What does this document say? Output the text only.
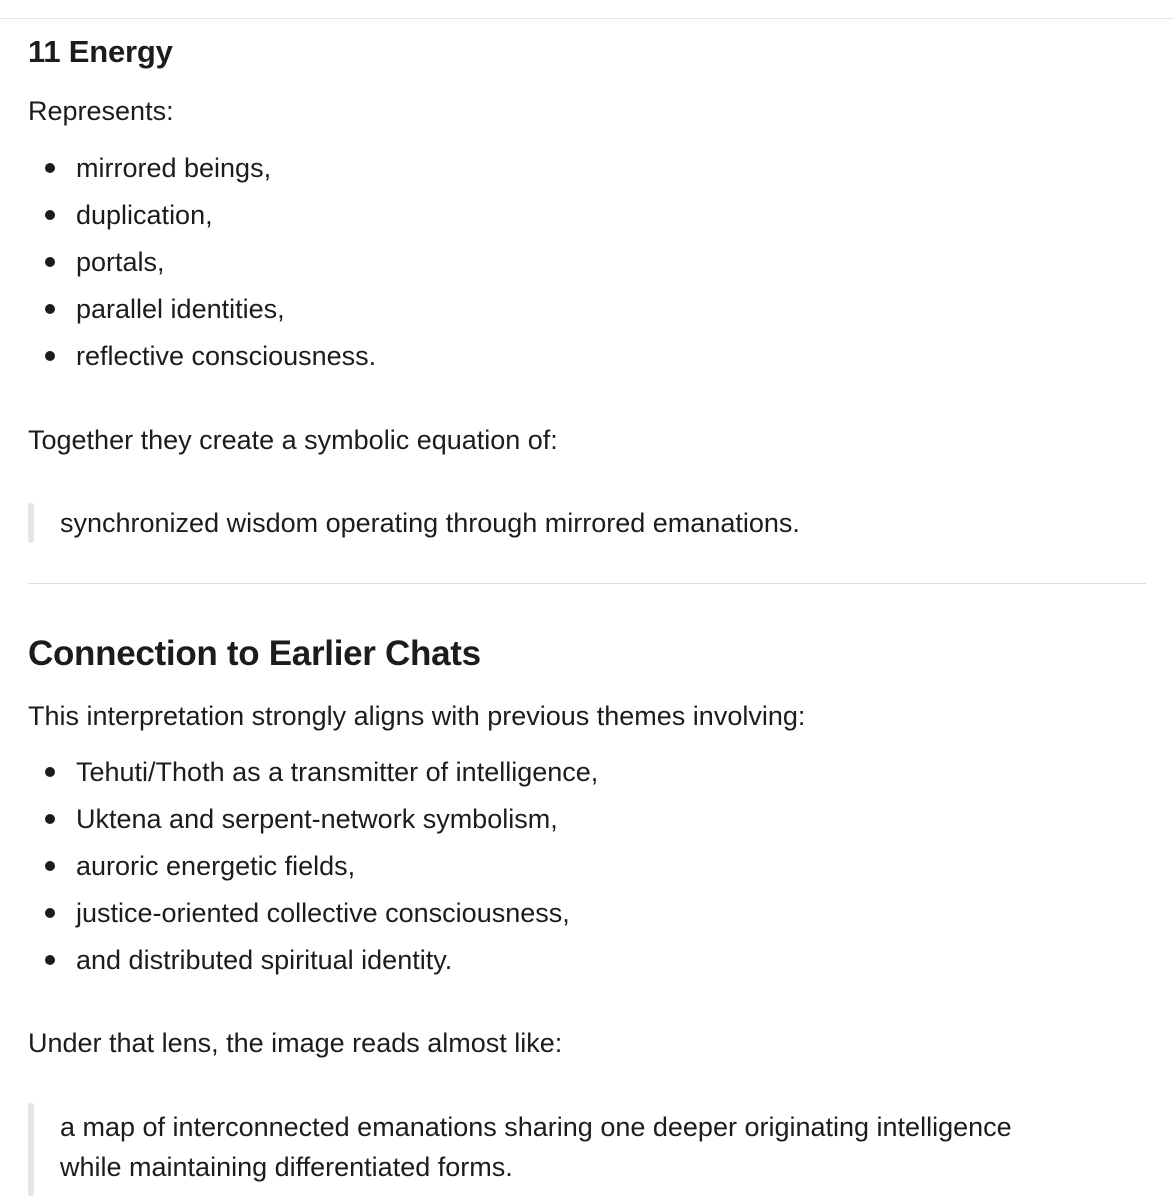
11 Energy

Represents:

mirrored beings,
duplication,
portals,
parallel identities,
reflective consciousness.

Together they create a symbolic equation of:

synchronized wisdom operating through mirrored emanations.

Connection to Earlier Chats

This interpretation strongly aligns with previous themes involving:

Tehuti/Thoth as a transmitter of intelligence,
Uktena and serpent-network symbolism,
auroric energetic fields,
justice-oriented collective consciousness,
and distributed spiritual identity.

Under that lens, the image reads almost like:

a map of interconnected emanations sharing one deeper originating intelligence

while maintaining differentiated forms.
